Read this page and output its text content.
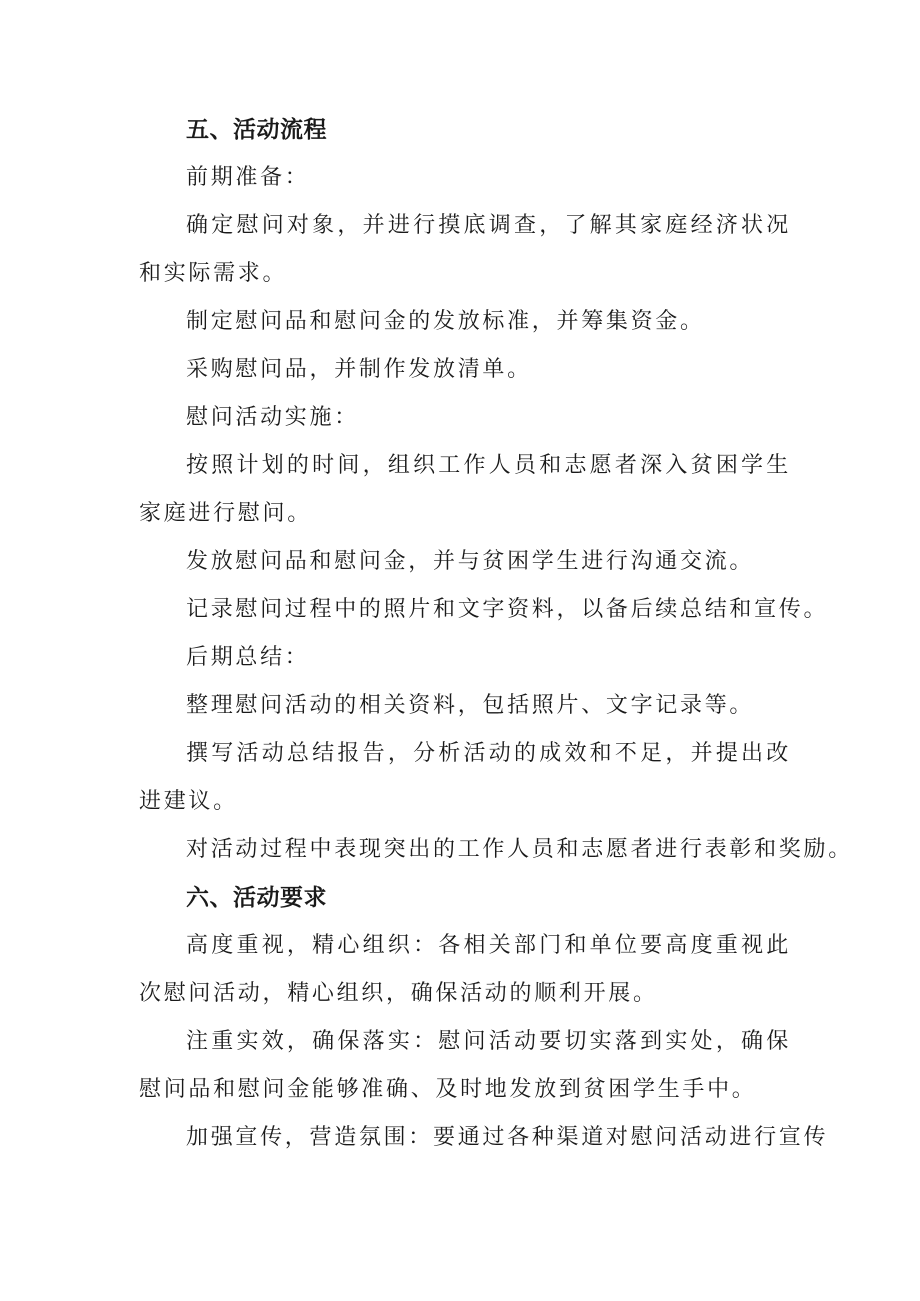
五、活动流程

前期准备：

确定慰问对象，并进行摸底调查，了解其家庭经济状况和实际需求。

制定慰问品和慰问金的发放标准，并筹集资金。

采购慰问品，并制作发放清单。

慰问活动实施：

按照计划的时间，组织工作人员和志愿者深入贫困学生家庭进行慰问。

发放慰问品和慰问金，并与贫困学生进行沟通交流。

记录慰问过程中的照片和文字资料，以备后续总结和宣传。

后期总结：

整理慰问活动的相关资料，包括照片、文字记录等。

撰写活动总结报告，分析活动的成效和不足，并提出改进建议。

对活动过程中表现突出的工作人员和志愿者进行表彰和奖励。

六、活动要求

高度重视，精心组织：各相关部门和单位要高度重视此次慰问活动，精心组织，确保活动的顺利开展。

注重实效，确保落实：慰问活动要切实落到实处，确保慰问品和慰问金能够准确、及时地发放到贫困学生手中。

加强宣传，营造氛围：要通过各种渠道对慰问活动进行宣传
